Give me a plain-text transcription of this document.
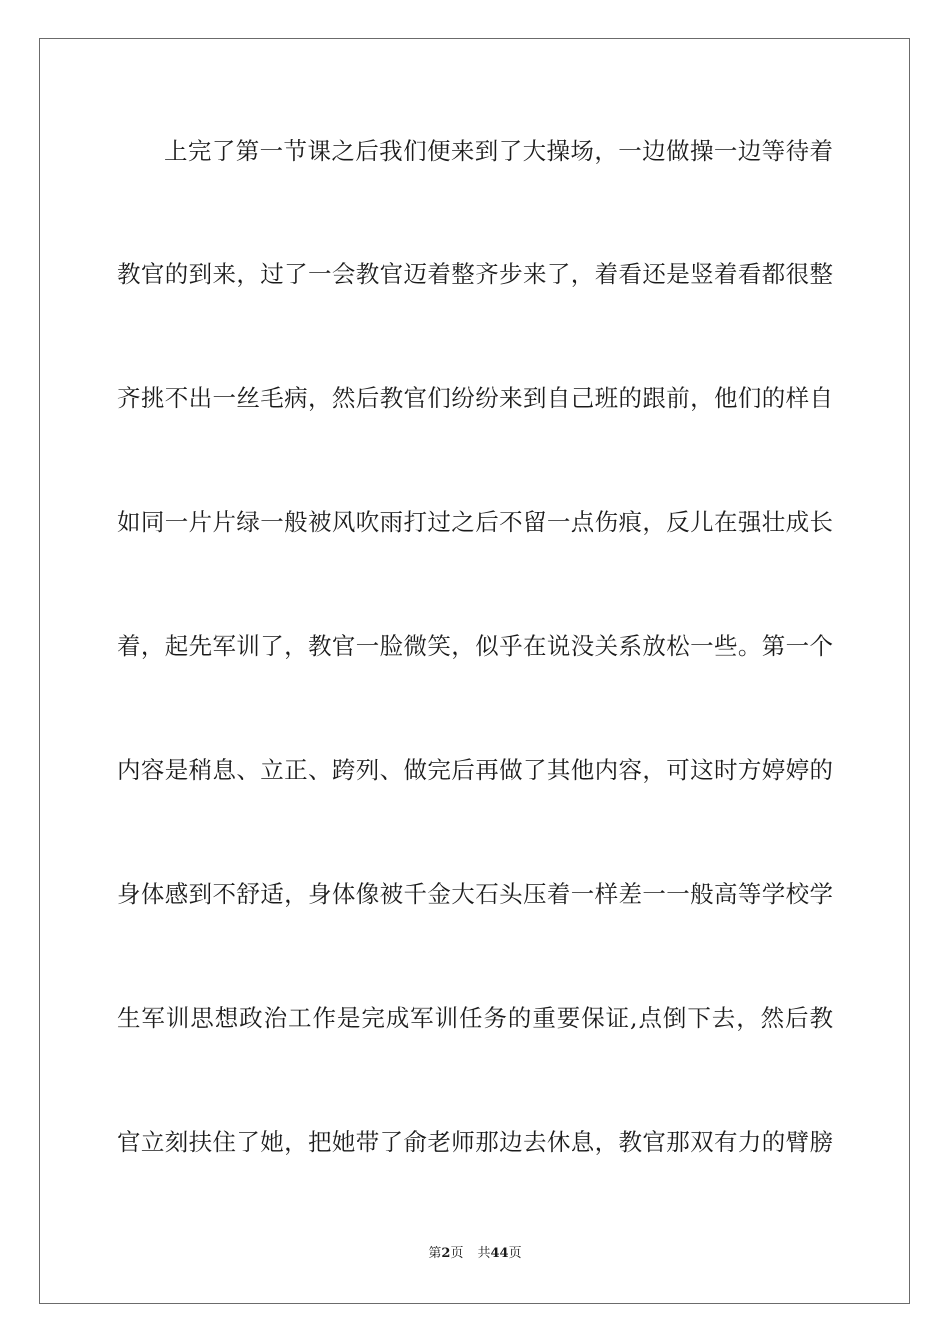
上完了第一节课之后我们便来到了大操场，一边做操一边等待着
教官的到来，过了一会教官迈着整齐步来了，着看还是竖着看都很整
齐挑不出一丝毛病，然后教官们纷纷来到自己班的跟前，他们的样自
如同一片片绿一般被风吹雨打过之后不留一点伤痕，反儿在强壮成长
着，起先军训了，教官一脸微笑，似乎在说没关系放松一些。第一个
内容是稍息、立正、跨列、做完后再做了其他内容，可这时方婷婷的
身体感到不舒适，身体像被千金大石头压着一样差一一般高等学校学
生军训思想政治工作是完成军训任务的重要保证,点倒下去，然后教
官立刻扶住了她，把她带了俞老师那边去休息，教官那双有力的臂膀
第2页 共44页
